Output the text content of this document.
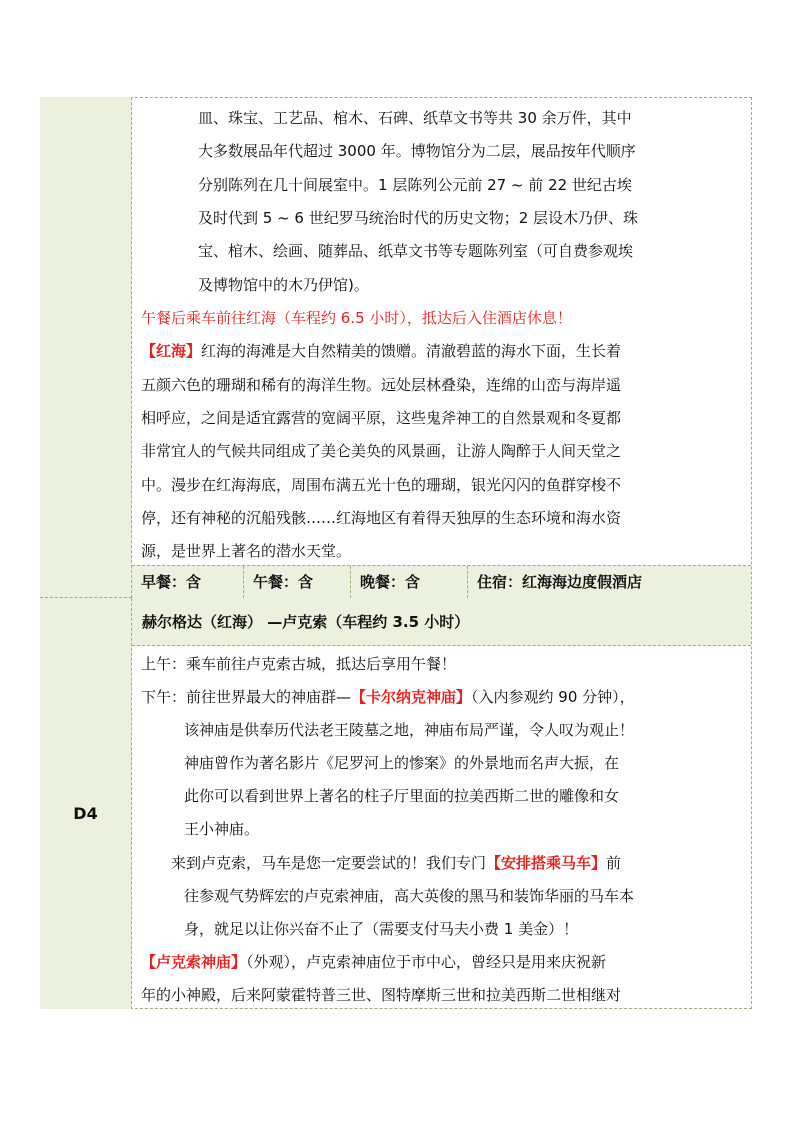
D4
皿、珠宝、工艺品、棺木、石碑、纸草文书等共 30 余万件，其中
大多数展品年代超过 3000 年。博物馆分为二层，展品按年代顺序
分别陈列在几十间展室中。1 层陈列公元前 27 ~ 前 22 世纪古埃
及时代到 5 ~ 6 世纪罗马统治时代的历史文物；2 层设木乃伊、珠
宝、棺木、绘画、随葬品、纸草文书等专题陈列室（可自费参观埃
及博物馆中的木乃伊馆)。
午餐后乘车前往红海（车程约 6.5 小时），抵达后入住酒店休息！
【红海】红海的海滩是大自然精美的馈赠。清澈碧蓝的海水下面，生长着
五颜六色的珊瑚和稀有的海洋生物。远处层林叠染，连绵的山峦与海岸遥
相呼应，之间是适宜露营的宽阔平原，这些鬼斧神工的自然景观和冬夏都
非常宜人的气候共同组成了美仑美奂的风景画，让游人陶醉于人间天堂之
中。漫步在红海海底，周围布满五光十色的珊瑚，银光闪闪的鱼群穿梭不
停，还有神秘的沉船残骸……红海地区有着得天独厚的生态环境和海水资
源，是世界上著名的潜水天堂。
早餐：含	午餐：含	晚餐：含	住宿：红海海边度假酒店
赫尔格达（红海） —卢克索（车程约 3.5 小时）
上午：乘车前往卢克索古城，抵达后享用午餐！
下午：前往世界最大的神庙群—【卡尔纳克神庙】（入内参观约 90 分钟），
该神庙是供奉历代法老王陵墓之地，神庙布局严谨，令人叹为观止！
神庙曾作为著名影片《尼罗河上的惨案》的外景地而名声大振，在
此你可以看到世界上著名的柱子厅里面的拉美西斯二世的雕像和女
王小神庙。
来到卢克索，马车是您一定要尝试的！我们专门【安排搭乘马车】前
往参观气势辉宏的卢克索神庙，高大英俊的黑马和装饰华丽的马车本
身，就足以让你兴奋不止了（需要支付马夫小费 1 美金）！
【卢克索神庙】（外观），卢克索神庙位于市中心，曾经只是用来庆祝新
年的小神殿，后来阿蒙霍特普三世、图特摩斯三世和拉美西斯二世相继对
